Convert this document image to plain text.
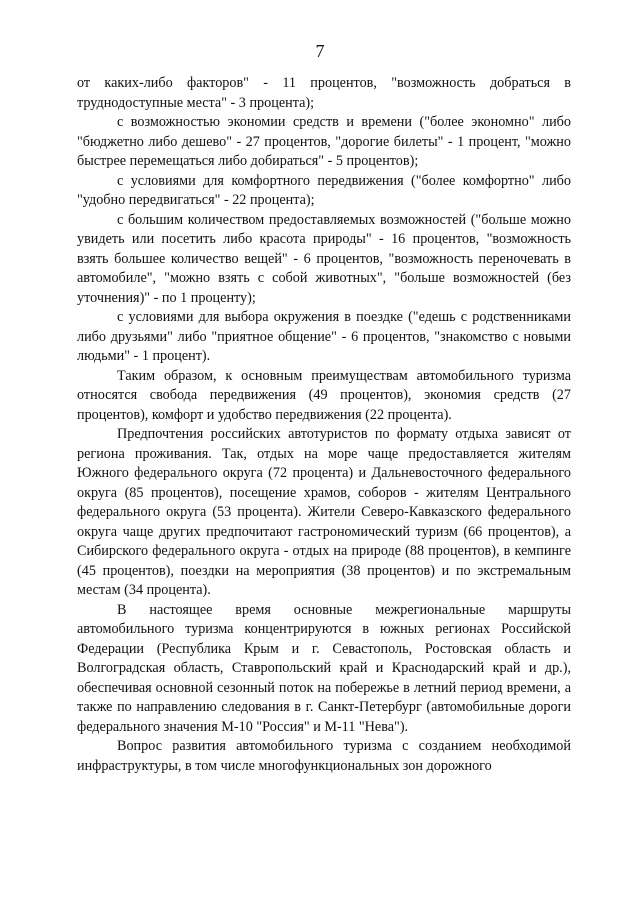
7

от каких-либо факторов" - 11 процентов, "возможность добраться в труднодоступные места" - 3 процента);

с возможностью экономии средств и времени ("более экономно" либо "бюджетно либо дешево" - 27 процентов, "дорогие билеты" - 1 процент, "можно быстрее перемещаться либо добираться" - 5 процентов);

с условиями для комфортного передвижения ("более комфортно" либо "удобно передвигаться" - 22 процента);

с большим количеством предоставляемых возможностей ("больше можно увидеть или посетить либо красота природы" - 16 процентов, "возможность взять большее количество вещей" - 6 процентов, "возможность переночевать в автомобиле", "можно взять с собой животных", "больше возможностей (без уточнения)" - по 1 проценту);

с условиями для выбора окружения в поездке ("едешь с родственниками либо друзьями" либо "приятное общение" - 6 процентов, "знакомство с новыми людьми" - 1 процент).

Таким образом, к основным преимуществам автомобильного туризма относятся свобода передвижения (49 процентов), экономия средств (27 процентов), комфорт и удобство передвижения (22 процента).

Предпочтения российских автотуристов по формату отдыха зависят от региона проживания. Так, отдых на море чаще предоставляется жителям Южного федерального округа (72 процента) и Дальневосточного федерального округа (85 процентов), посещение храмов, соборов - жителям Центрального федерального округа (53 процента). Жители Северо-Кавказского федерального округа чаще других предпочитают гастрономический туризм (66 процентов), а Сибирского федерального округа - отдых на природе (88 процентов), в кемпинге (45 процентов), поездки на мероприятия (38 процентов) и по экстремальным местам (34 процента).

В настоящее время основные межрегиональные маршруты автомобильного туризма концентрируются в южных регионах Российской Федерации (Республика Крым и г. Севастополь, Ростовская область и Волгоградская область, Ставропольский край и Краснодарский край и др.), обеспечивая основной сезонный поток на побережье в летний период времени, а также по направлению следования в г. Санкт-Петербург (автомобильные дороги федерального значения М-10 "Россия" и М-11 "Нева").

Вопрос развития автомобильного туризма с созданием необходимой инфраструктуры, в том числе многофункциональных зон дорожного
